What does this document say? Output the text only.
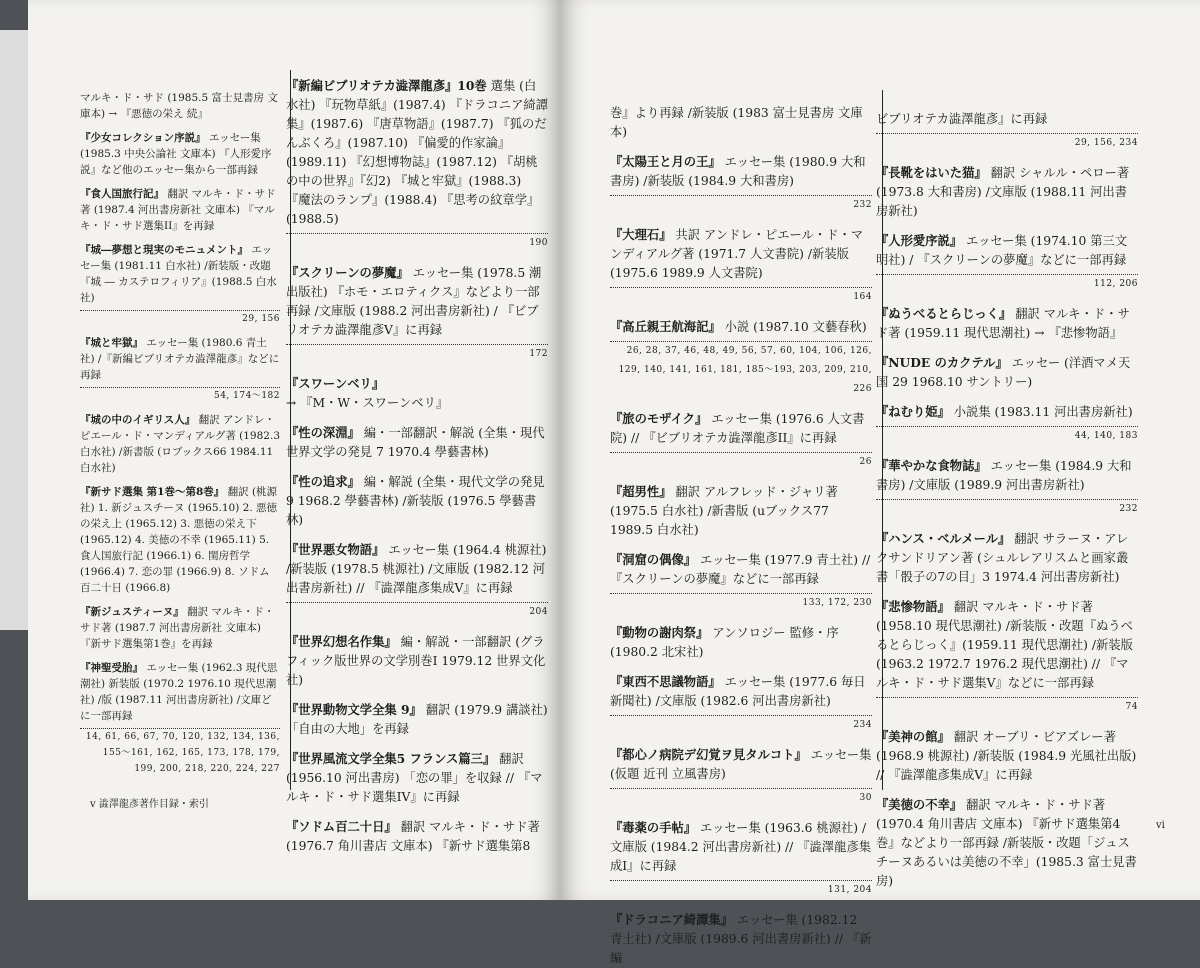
マルキ・ド・サド (1985.5 富士見書房 文庫本) → 『悪徳の栄え 続』
『少女コレクション序説』 エッセー集 (1985.3 中央公論社 文庫本) 『人形愛序説』など他のエッセー集から一部再録
『食人国旅行記』 翻訳 マルキ・ド・サド著 (1987.4 河出書房新社 文庫本) 『マルキ・ド・サド選集II』を再録
『城―夢想と現実のモニュメント』 エッセー集 (1981.11 白水社) /新装版・改題『城 ― カステロフィリア』(1988.5 白水社)
29, 156
『城と牢獄』 エッセー集 (1980.6 青土社) /『新編ビブリオテカ澁澤龍彥』などに再録
54, 174〜182
『城の中のイギリス人』 翻訳 アンドレ・ピエール・ド・マンディアルグ著 (1982.3 白水社) /新書版 (ロブックス66 1984.11 白水社)
『新サド選集 第1巻〜第8巻』 翻訳 (桃源社) 1. 新ジュスチーヌ (1965.10) 2. 悪徳の栄え上 (1965.12) 3. 悪徳の栄え下 (1965.12) 4. 美徳の不幸 (1965.11) 5. 食人国旅行記 (1966.1) 6. 閨房哲学 (1966.4) 7. 恋の罪 (1966.9) 8. ソドム百二十日 (1966.8)
『新ジュスティーヌ』 翻訳 マルキ・ド・サド著 (1987.7 河出書房新社 文庫本) 『新サド選集第1巻』を再録
『神聖受胎』 エッセー集 (1962.3 現代思潮社) 新装版 (1970.2 1976.10 現代思潮社) /版 (1987.11 河出書房新社) /文庫どに一部再録
14, 61, 66, 67, 70, 120, 132, 134, 136, 155〜161, 162, 165, 173, 178, 179, 199, 200, 218, 220, 224, 227
『新編ビブリオテカ澁澤龍彥』10巻 選集 (白水社) 『玩物草紙』(1987.4) 『ドラコニア綺譚集』(1987.6) 『唐草物語』(1987.7) 『狐のだんぶくろ』(1987.10) 『偏愛的作家論』(1989.11) 『幻想博物誌』(1987.12) 『胡桃の中の世界』『幻2) 『城と牢獄』(1988.3) 『魔法のランプ』(1988.4) 『思考の紋章学』(1988.5)
190
『スクリーンの夢魔』 エッセー集 (1978.5 潮出版社) 『ホモ・エロティクス』などより一部再録 /文庫版 (1988.2 河出書房新社) / 『ビブリオテカ澁澤龍彥V』に再録
172
『スワーンベリ』 → 『M・W・スワーンベリ』
『性の深淵』 編・一部翻訳・解説 (全集・現代世界文学の発見 7 1970.4 學藝書林)
『性の追求』 編・解説 (全集・現代文学の発見 9 1968.2 學藝書林) /新装版 (1976.5 學藝書林)
『世界悪女物語』 エッセー集 (1964.4 桃源社) /新装版 (1978.5 桃源社) /文庫版 (1982.12 河出書房新社) // 『澁澤龍彥集成V』に再録
204
『世界幻想名作集』 編・解説・一部翻訳 (グラフィック版世界の文学別巻I 1979.12 世界文化社)
『世界動物文学全集 9』 翻訳 (1979.9 講談社) 「自由の大地」を再録
『世界風流文学全集5 フランス篇三』 翻訳 (1956.10 河出書房) 「恋の罪」を収録 // 『マルキ・ド・サド選集IV』に再録
『ソドム百二十日』 翻訳 マルキ・ド・サド著 (1976.7 角川書店 文庫本) 『新サド選集第8
v 澁澤龍彥著作目録・索引
巻』より再録 /新装版 (1983 富士見書房 文庫本)
『太陽王と月の王』 エッセー集 (1980.9 大和書房) /新装版 (1984.9 大和書房)
232
『大理石』 共訳 アンドレ・ピエール・ド・マンディアルグ著 (1971.7 人文書院) /新装版 (1975.6 1989.9 人文書院)
164
『高丘親王航海記』 小説 (1987.10 文藝春秋)
26, 28, 37, 46, 48, 49, 56, 57, 60, 104, 106, 126, 129, 140, 141, 161, 181, 185〜193, 203, 209, 210, 226
『旅のモザイク』 エッセー集 (1976.6 人文書院) // 『ビブリオテカ澁澤龍彥II』に再録
26
『超男性』 翻訳 アルフレッド・ジャリ著 (1975.5 白水社) /新書版 (uブックス77 1989.5 白水社)
『洞窟の偶像』 エッセー集 (1977.9 青土社) // 『スクリーンの夢魔』などに一部再録
133, 172, 230
『動物の謝肉祭』 アンソロジー 監修・序 (1980.2 北宋社)
『東西不思議物語』 エッセー集 (1977.6 毎日新聞社) /文庫版 (1982.6 河出書房新社)
234
『都心ノ病院デ幻覚ヲ見タルコト』 エッセー集 (仮題 近刊 立風書房)
30
『毒薬の手帖』 エッセー集 (1963.6 桃源社) /文庫版 (1984.2 河出書房新社) // 『澁澤龍彥集成I』に再録
131, 204
『ドラコニア綺譚集』 エッセー集 (1982.12 青土社) /文庫版 (1989.6 河出書房新社) // 『新編
ビブリオテカ澁澤龍彥』に再録
29, 156, 234
『長靴をはいた猫』 翻訳 シャルル・ペロー著 (1973.8 大和書房) /文庫版 (1988.11 河出書房新社)
『人形愛序説』 エッセー集 (1974.10 第三文明社) / 『スクリーンの夢魔』などに一部再録
112, 206
『ぬうべるとらじっく』 翻訳 マルキ・ド・サド著 (1959.11 現代思潮社) → 『悲惨物語』
『NUDE のカクテル』 エッセー (洋酒マメ天国 29 1968.10 サントリー)
『ねむり姫』 小説集 (1983.11 河出書房新社)
44, 140, 183
『華やかな食物誌』 エッセー集 (1984.9 大和書房) /文庫版 (1989.9 河出書房新社)
232
『ハンス・ベルメール』 翻訳 サラーヌ・アレクサンドリアン著 (シュルレアリスムと画家叢書「骰子の7の目」3 1974.4 河出書房新社)
『悲惨物語』 翻訳 マルキ・ド・サド著 (1958.10 現代思潮社) /新装版・改題『ぬうべるとらじっく』(1959.11 現代思潮社) /新装版 (1963.2 1972.7 1976.2 現代思潮社) // 『マルキ・ド・サド選集V』などに一部再録
74
『美神の館』 翻訳 オーブリ・ビアズレー著 (1968.9 桃源社) /新装版 (1984.9 光風社出版) // 『澁澤龍彥集成V』に再録
『美徳の不幸』 翻訳 マルキ・ド・サド著 (1970.4 角川書店 文庫本) 『新サド選集第4巻』などより一部再録 /新装版・改題「ジュスチーヌあるいは美徳の不幸」(1985.3 富士見書房)
vi
